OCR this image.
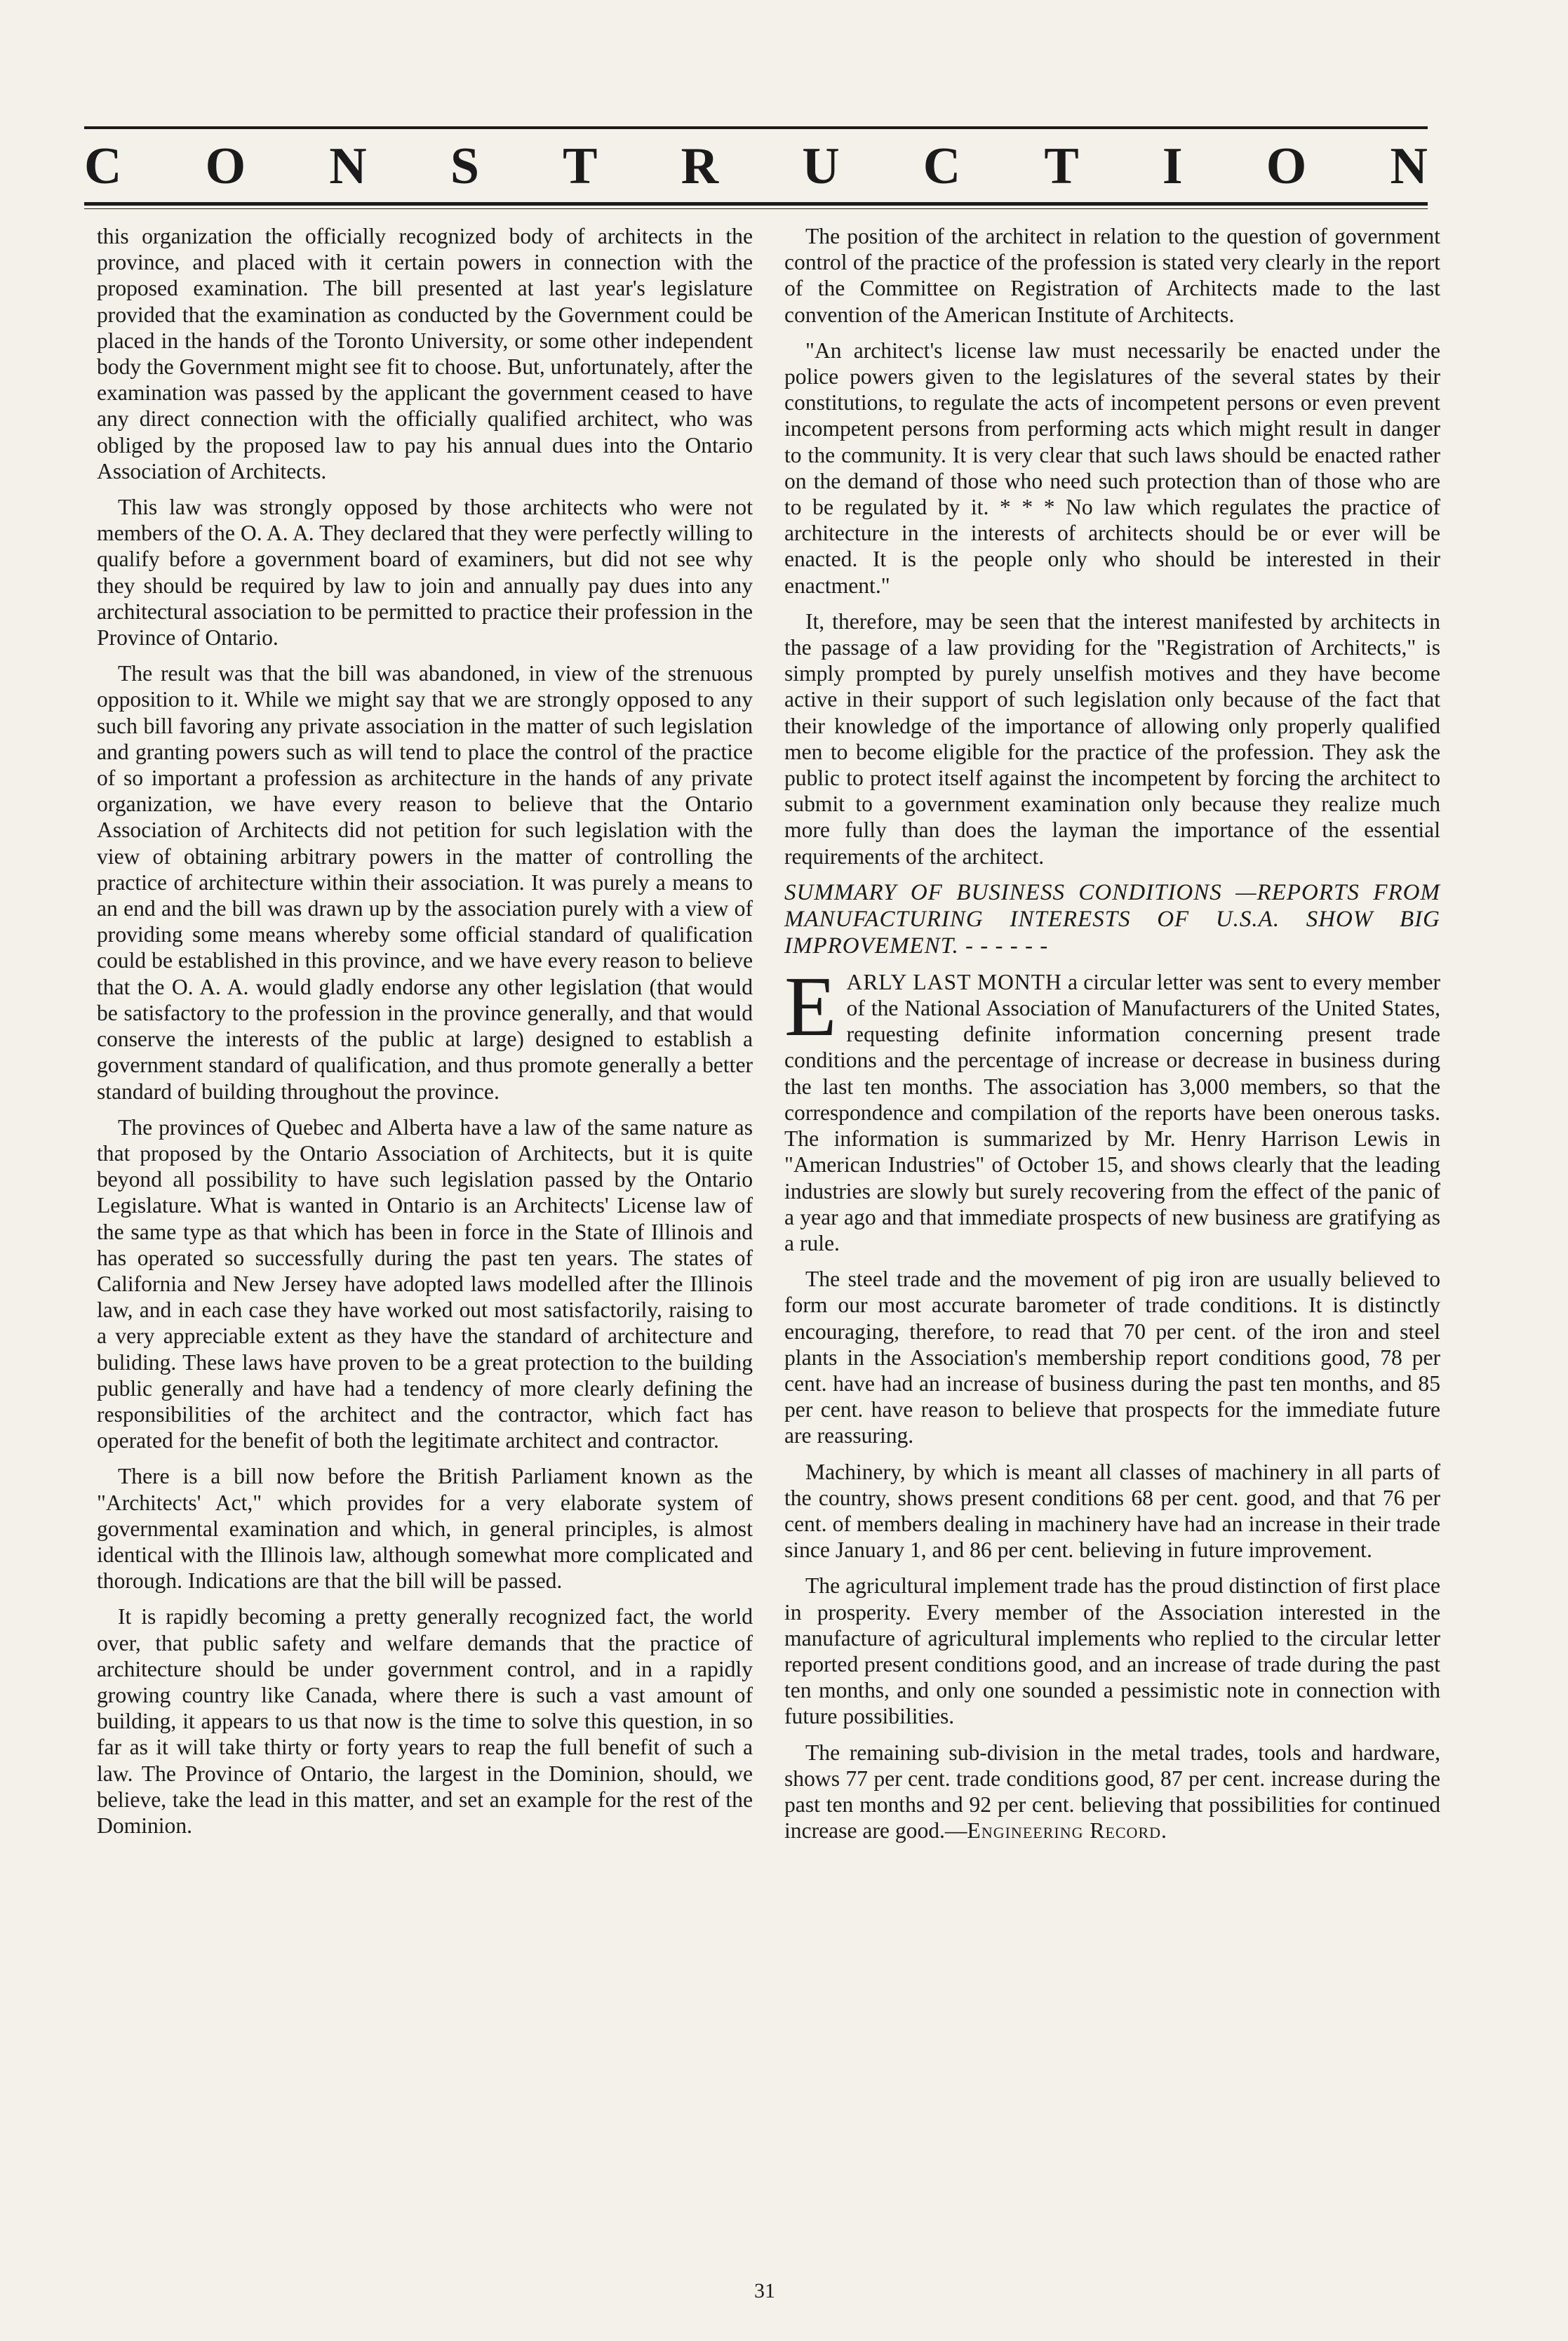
C O N S T R U C T I O N

this organization the officially recognized body of architects in the province, and placed with it certain powers in connection with the proposed examination. The bill presented at last year's legislature provided that the examination as conducted by the Government could be placed in the hands of the Toronto University, or some other independent body the Government might see fit to choose. But, unfortunately, after the examination was passed by the applicant the government ceased to have any direct connection with the officially qualified architect, who was obliged by the proposed law to pay his annual dues into the Ontario Association of Architects.

This law was strongly opposed by those architects who were not members of the O. A. A. They declared that they were perfectly willing to qualify before a government board of examiners, but did not see why they should be required by law to join and annually pay dues into any architectural association to be permitted to practice their profession in the Province of Ontario.

The result was that the bill was abandoned, in view of the strenuous opposition to it. While we might say that we are strongly opposed to any such bill favoring any private association in the matter of such legislation and granting powers such as will tend to place the control of the practice of so important a profession as architecture in the hands of any private organization, we have every reason to believe that the Ontario Association of Architects did not petition for such legislation with the view of obtaining arbitrary powers in the matter of controlling the practice of architecture within their association. It was purely a means to an end and the bill was drawn up by the association purely with a view of providing some means whereby some official standard of qualification could be established in this province, and we have every reason to believe that the O. A. A. would gladly endorse any other legislation (that would be satisfactory to the profession in the province generally, and that would conserve the interests of the public at large) designed to establish a government standard of qualification, and thus promote generally a better standard of building throughout the province.

The provinces of Quebec and Alberta have a law of the same nature as that proposed by the Ontario Association of Architects, but it is quite beyond all possibility to have such legislation passed by the Ontario Legislature. What is wanted in Ontario is an Architects' License law of the same type as that which has been in force in the State of Illinois and has operated so successfully during the past ten years. The states of California and New Jersey have adopted laws modelled after the Illinois law, and in each case they have worked out most satisfactorily, raising to a very appreciable extent as they have the standard of architecture and buliding. These laws have proven to be a great protection to the building public generally and have had a tendency of more clearly defining the responsibilities of the architect and the contractor, which fact has operated for the benefit of both the legitimate architect and contractor.

There is a bill now before the British Parliament known as the "Architects' Act," which provides for a very elaborate system of governmental examination and which, in general principles, is almost identical with the Illinois law, although somewhat more complicated and thorough. Indications are that the bill will be passed.

It is rapidly becoming a pretty generally recognized fact, the world over, that public safety and welfare demands that the practice of architecture should be under government control, and in a rapidly growing country like Canada, where there is such a vast amount of building, it appears to us that now is the time to solve this question, in so far as it will take thirty or forty years to reap the full benefit of such a law. The Province of Ontario, the largest in the Dominion, should, we believe, take the lead in this matter, and set an example for the rest of the Dominion.

The position of the architect in relation to the question of government control of the practice of the profession is stated very clearly in the report of the Committee on Registration of Architects made to the last convention of the American Institute of Architects.

"An architect's license law must necessarily be enacted under the police powers given to the legislatures of the several states by their constitutions, to regulate the acts of incompetent persons or even prevent incompetent persons from performing acts which might result in danger to the community. It is very clear that such laws should be enacted rather on the demand of those who need such protection than of those who are to be regulated by it. * * * No law which regulates the practice of architecture in the interests of architects should be or ever will be enacted. It is the people only who should be interested in their enactment."

It, therefore, may be seen that the interest manifested by architects in the passage of a law providing for the "Registration of Architects," is simply prompted by purely unselfish motives and they have become active in their support of such legislation only because of the fact that their knowledge of the importance of allowing only properly qualified men to become eligible for the practice of the profession. They ask the public to protect itself against the incompetent by forcing the architect to submit to a government examination only because they realize much more fully than does the layman the importance of the essential requirements of the architect.

SUMMARY OF BUSINESS CONDITIONS —REPORTS FROM MANUFACTURING INTERESTS OF U.S.A. SHOW BIG IMPROVEMENT. - - - - - -

EARLY LAST MONTH a circular letter was sent to every member of the National Association of Manufacturers of the United States, requesting definite information concerning present trade conditions and the percentage of increase or decrease in business during the last ten months. The association has 3,000 members, so that the correspondence and compilation of the reports have been onerous tasks. The information is summarized by Mr. Henry Harrison Lewis in "American Industries" of October 15, and shows clearly that the leading industries are slowly but surely recovering from the effect of the panic of a year ago and that immediate prospects of new business are gratifying as a rule.

The steel trade and the movement of pig iron are usually believed to form our most accurate barometer of trade conditions. It is distinctly encouraging, therefore, to read that 70 per cent. of the iron and steel plants in the Association's membership report conditions good, 78 per cent. have had an increase of business during the past ten months, and 85 per cent. have reason to believe that prospects for the immediate future are reassuring.

Machinery, by which is meant all classes of machinery in all parts of the country, shows present conditions 68 per cent. good, and that 76 per cent. of members dealing in machinery have had an increase in their trade since January 1, and 86 per cent. believing in future improvement.

The agricultural implement trade has the proud distinction of first place in prosperity. Every member of the Association interested in the manufacture of agricultural implements who replied to the circular letter reported present conditions good, and an increase of trade during the past ten months, and only one sounded a pessimistic note in connection with future possibilities.

The remaining sub-division in the metal trades, tools and hardware, shows 77 per cent. trade conditions good, 87 per cent. increase during the past ten months and 92 per cent. believing that possibilities for continued increase are good.—Engineering Record.

31
